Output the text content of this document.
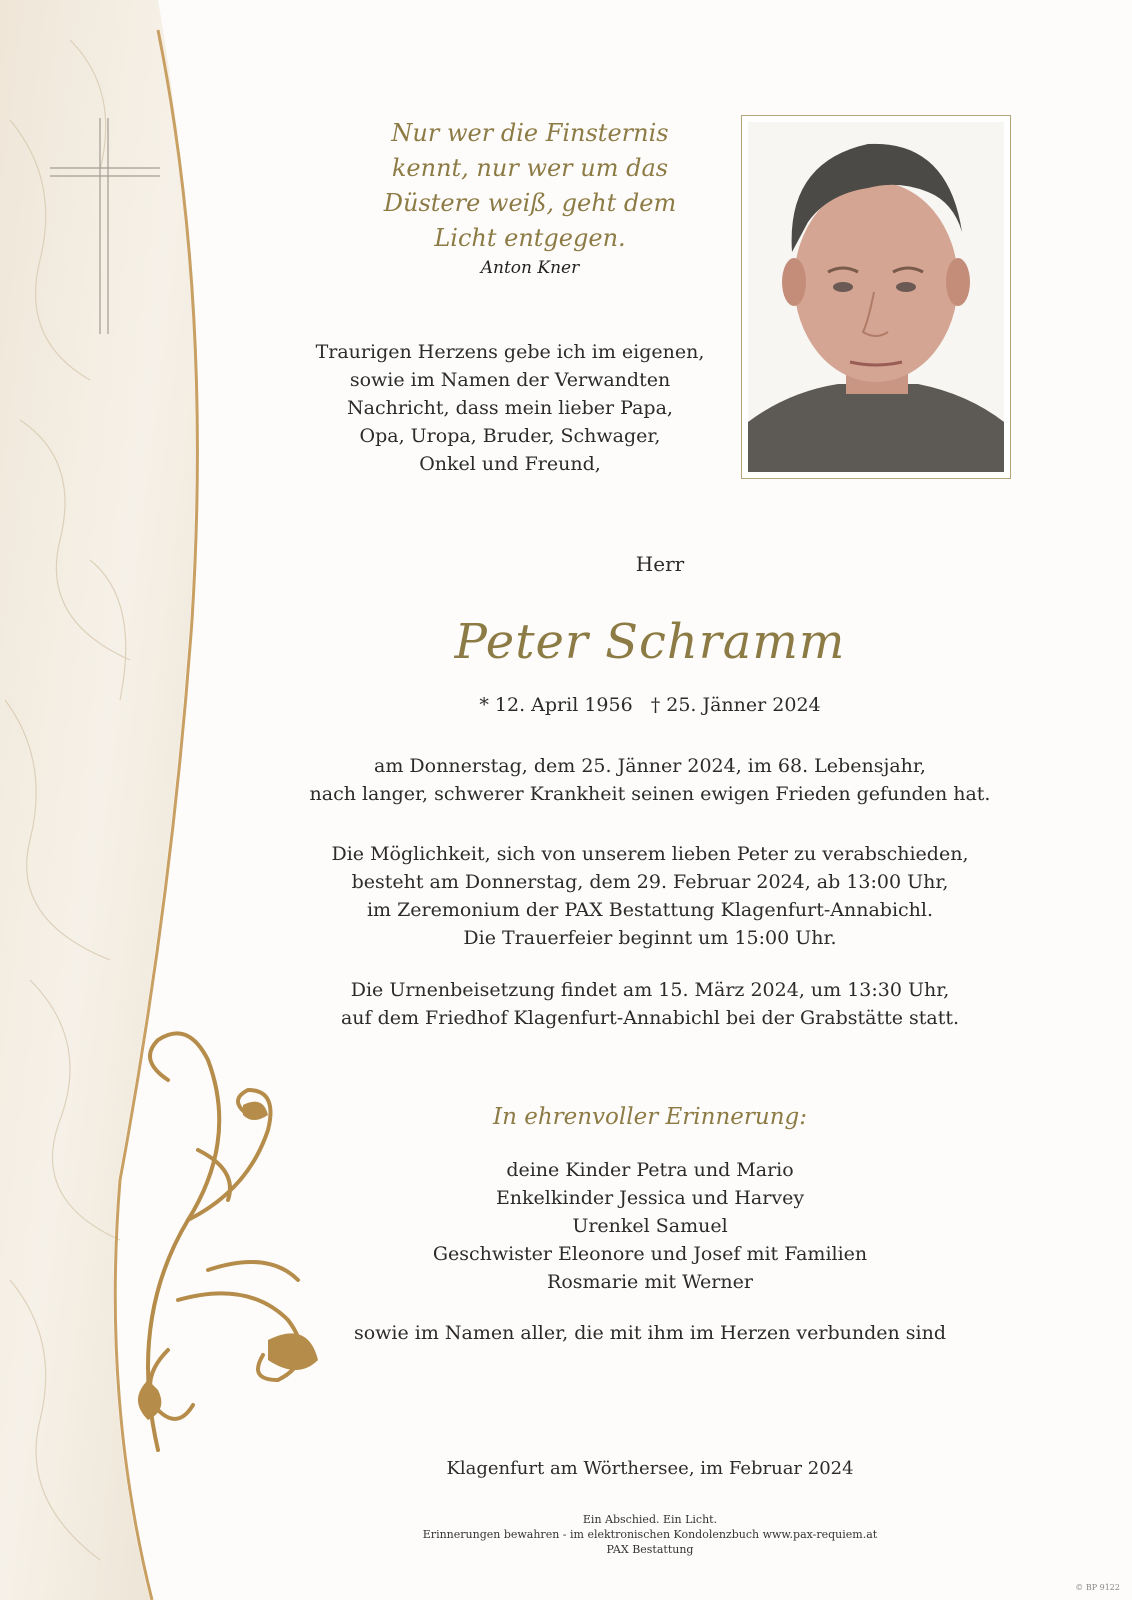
Nur wer die Finsternis
kennt, nur wer um das
Düstere weiß, geht dem
Licht entgegen.

Anton Kner
Traurigen Herzens gebe ich im eigenen,
sowie im Namen der Verwandten
Nachricht, dass mein lieber Papa,
Opa, Uropa, Bruder, Schwager,
Onkel und Freund,
Herr
Peter Schramm
* 12. April 1956 † 25. Jänner 2024
am Donnerstag, dem 25. Jänner 2024, im 68. Lebensjahr,
nach langer, schwerer Krankheit seinen ewigen Frieden gefunden hat.
Die Möglichkeit, sich von unserem lieben Peter zu verabschieden,
besteht am Donnerstag, dem 29. Februar 2024, ab 13:00 Uhr,
im Zeremonium der PAX Bestattung Klagenfurt-Annabichl.
Die Trauerfeier beginnt um 15:00 Uhr.
Die Urnenbeisetzung findet am 15. März 2024, um 13:30 Uhr,
auf dem Friedhof Klagenfurt-Annabichl bei der Grabstätte statt.
In ehrenvoller Erinnerung:
deine Kinder Petra und Mario
Enkelkinder Jessica und Harvey
Urenkel Samuel
Geschwister Eleonore und Josef mit Familien
Rosmarie mit Werner
sowie im Namen aller, die mit ihm im Herzen verbunden sind
Klagenfurt am Wörthersee, im Februar 2024
Ein Abschied. Ein Licht.
Erinnerungen bewahren - im elektronischen Kondolenzbuch www.pax-requiem.at
PAX Bestattung
© BP 9122
